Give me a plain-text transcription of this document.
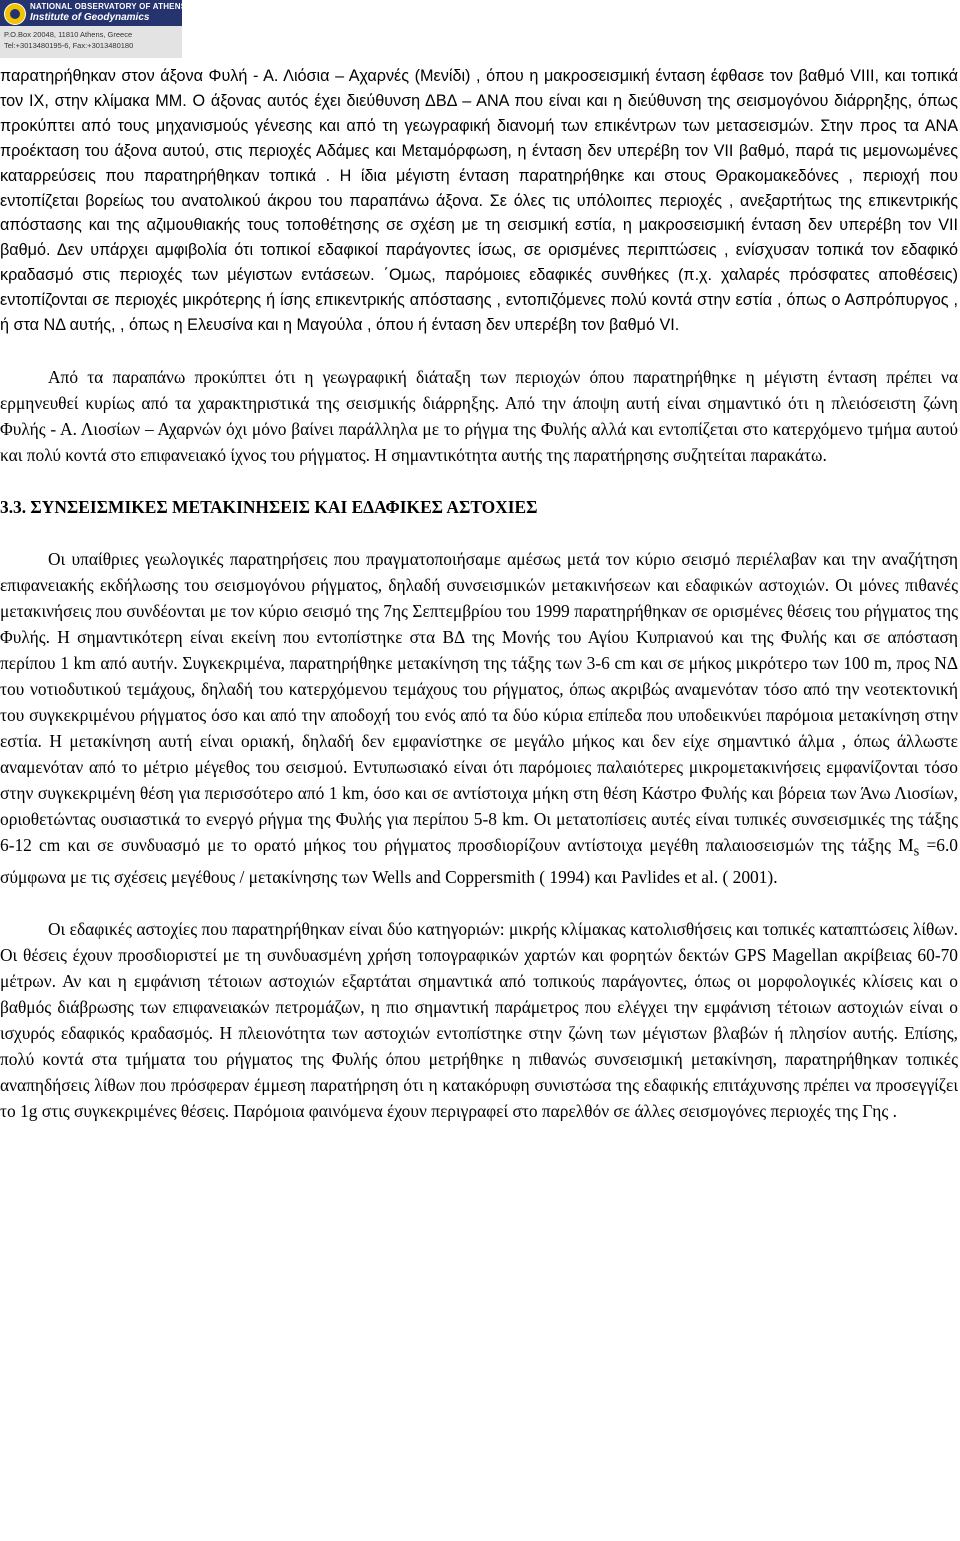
NATIONAL OBSERVATORY OF ATHENS
Institute of Geodynamics
P.O.Box 20048, 11810 Athens, Greece
Tel:+3013480195-6, Fax:+3013480180

παρατηρήθηκαν στον άξονα Φυλή - Α. Λιόσια – Αχαρνές (Μενίδι) , όπου η μακροσεισμική ένταση έφθασε τον βαθμό VIII, και τοπικά τον IX, στην κλίμακα ΜΜ. Ο άξονας αυτός έχει διεύθυνση ΔΒΔ – ΑΝΑ που είναι και η διεύθυνση της σεισμογόνου διάρρηξης, όπως προκύπτει από τους μηχανισμούς γένεσης και από τη γεωγραφική διανομή των επικέντρων των μετασεισμών. Στην προς τα ΑΝΑ προέκταση του άξονα αυτού, στις περιοχές Αδάμες και Μεταμόρφωση, η ένταση δεν υπερέβη τον VII βαθμό, παρά τις μεμονωμένες καταρρεύσεις που παρατηρήθηκαν τοπικά . Η ίδια μέγιστη ένταση παρατηρήθηκε και στους Θρακομακεδόνες , περιοχή που εντοπίζεται βορείως του ανατολικού άκρου του παραπάνω άξονα. Σε όλες τις υπόλοιπες περιοχές , ανεξαρτήτως της επικεντρικής απόστασης και της αζιμουθιακής τους τοποθέτησης σε σχέση με τη σεισμική εστία, η μακροσεισμική ένταση δεν υπερέβη τον VII βαθμό. Δεν υπάρχει αμφιβολία ότι τοπικοί εδαφικοί παράγοντες ίσως, σε ορισμένες περιπτώσεις , ενίσχυσαν τοπικά τον εδαφικό κραδασμό στις περιοχές των μέγιστων εντάσεων. ΄Ομως, παρόμοιες εδαφικές συνθήκες (π.χ. χαλαρές πρόσφατες αποθέσεις) εντοπίζονται σε περιοχές μικρότερης ή ίσης επικεντρικής απόστασης , εντοπιζόμενες πολύ κοντά στην εστία , όπως ο Ασπρόπυργος , ή στα ΝΔ αυτής, , όπως η Ελευσίνα και η Μαγούλα , όπου ή ένταση δεν υπερέβη τον βαθμό VI.

Από τα παραπάνω προκύπτει ότι η γεωγραφική διάταξη των περιοχών όπου παρατηρήθηκε η μέγιστη ένταση πρέπει να ερμηνευθεί κυρίως από τα χαρακτηριστικά της σεισμικής διάρρηξης. Από την άποψη αυτή είναι σημαντικό ότι η πλειόσειστη ζώνη Φυλής - Α. Λιοσίων – Αχαρνών όχι μόνο βαίνει παράλληλα με το ρήγμα της Φυλής αλλά και εντοπίζεται στο κατερχόμενο τμήμα αυτού και πολύ κοντά στο επιφανειακό ίχνος του ρήγματος. Η σημαντικότητα αυτής της παρατήρησης συζητείται παρακάτω.

3.3. ΣΥΝΣΕΙΣΜΙΚΕΣ ΜΕΤΑΚΙΝΗΣΕΙΣ ΚΑΙ ΕΔΑΦΙΚΕΣ ΑΣΤΟΧΙΕΣ

Οι υπαίθριες γεωλογικές παρατηρήσεις που πραγματοποιήσαμε αμέσως μετά τον κύριο σεισμό περιέλαβαν και την αναζήτηση επιφανειακής εκδήλωσης του σεισμογόνου ρήγματος, δηλαδή συνσεισμικών μετακινήσεων και εδαφικών αστοχιών. Οι μόνες πιθανές μετακινήσεις που συνδέονται με τον κύριο σεισμό της 7ης Σεπτεμβρίου του 1999 παρατηρήθηκαν σε ορισμένες θέσεις του ρήγματος της Φυλής. Η σημαντικότερη είναι εκείνη που εντοπίστηκε στα ΒΔ της Μονής του Αγίου Κυπριανού και της Φυλής και σε απόσταση περίπου 1 km από αυτήν. Συγκεκριμένα, παρατηρήθηκε μετακίνηση της τάξης των 3-6 cm και σε μήκος μικρότερο των 100 m, προς ΝΔ του νοτιοδυτικού τεμάχους, δηλαδή του κατερχόμενου τεμάχους του ρήγματος, όπως ακριβώς αναμενόταν τόσο από την νεοτεκτονική του συγκεκριμένου ρήγματος όσο και από την αποδοχή του ενός από τα δύο κύρια επίπεδα που υποδεικνύει παρόμοια μετακίνηση στην εστία. Η μετακίνηση αυτή είναι οριακή, δηλαδή δεν εμφανίστηκε σε μεγάλο μήκος και δεν είχε σημαντικό άλμα , όπως άλλωστε αναμενόταν από το μέτριο μέγεθος του σεισμού. Εντυπωσιακό είναι ότι παρόμοιες παλαιότερες μικρομετακινήσεις εμφανίζονται τόσο στην συγκεκριμένη θέση για περισσότερο από 1 km, όσο και σε αντίστοιχα μήκη στη θέση Κάστρο Φυλής και βόρεια των Άνω Λιοσίων, οριοθετώντας ουσιαστικά το ενεργό ρήγμα της Φυλής για περίπου 5-8 km. Οι μετατοπίσεις αυτές είναι τυπικές συνσεισμικές της τάξης 6-12 cm και σε συνδυασμό με το ορατό μήκος του ρήγματος προσδιορίζουν αντίστοιχα μεγέθη παλαιοσεισμών της τάξης $M_s =6.0$ σύμφωνα με τις σχέσεις μεγέθους / μετακίνησης των Wells and Coppersmith ( 1994) και Pavlides et al. ( 2001).

Οι εδαφικές αστοχίες που παρατηρήθηκαν είναι δύο κατηγοριών: μικρής κλίμακας κατολισθήσεις και τοπικές καταπτώσεις λίθων. Οι θέσεις έχουν προσδιοριστεί με τη συνδυασμένη χρήση τοπογραφικών χαρτών και φορητών δεκτών GPS Magellan ακρίβειας 60-70 μέτρων. Αν και η εμφάνιση τέτοιων αστοχιών εξαρτάται σημαντικά από τοπικούς παράγοντες, όπως οι μορφολογικές κλίσεις και ο βαθμός διάβρωσης των επιφανειακών πετρομάζων, η πιο σημαντική παράμετρος που ελέγχει την εμφάνιση τέτοιων αστοχιών είναι ο ισχυρός εδαφικός κραδασμός. Η πλειονότητα των αστοχιών εντοπίστηκε στην ζώνη των μέγιστων βλαβών ή πλησίον αυτής. Επίσης, πολύ κοντά στα τμήματα του ρήγματος της Φυλής όπου μετρήθηκε η πιθανώς συνσεισμική μετακίνηση, παρατηρήθηκαν τοπικές αναπηδήσεις λίθων που πρόσφεραν έμμεση παρατήρηση ότι η κατακόρυφη συνιστώσα της εδαφικής επιτάχυνσης πρέπει να προσεγγίζει το 1g στις συγκεκριμένες θέσεις. Παρόμοια φαινόμενα έχουν περιγραφεί στο παρελθόν σε άλλες σεισμογόνες περιοχές της Γης .
